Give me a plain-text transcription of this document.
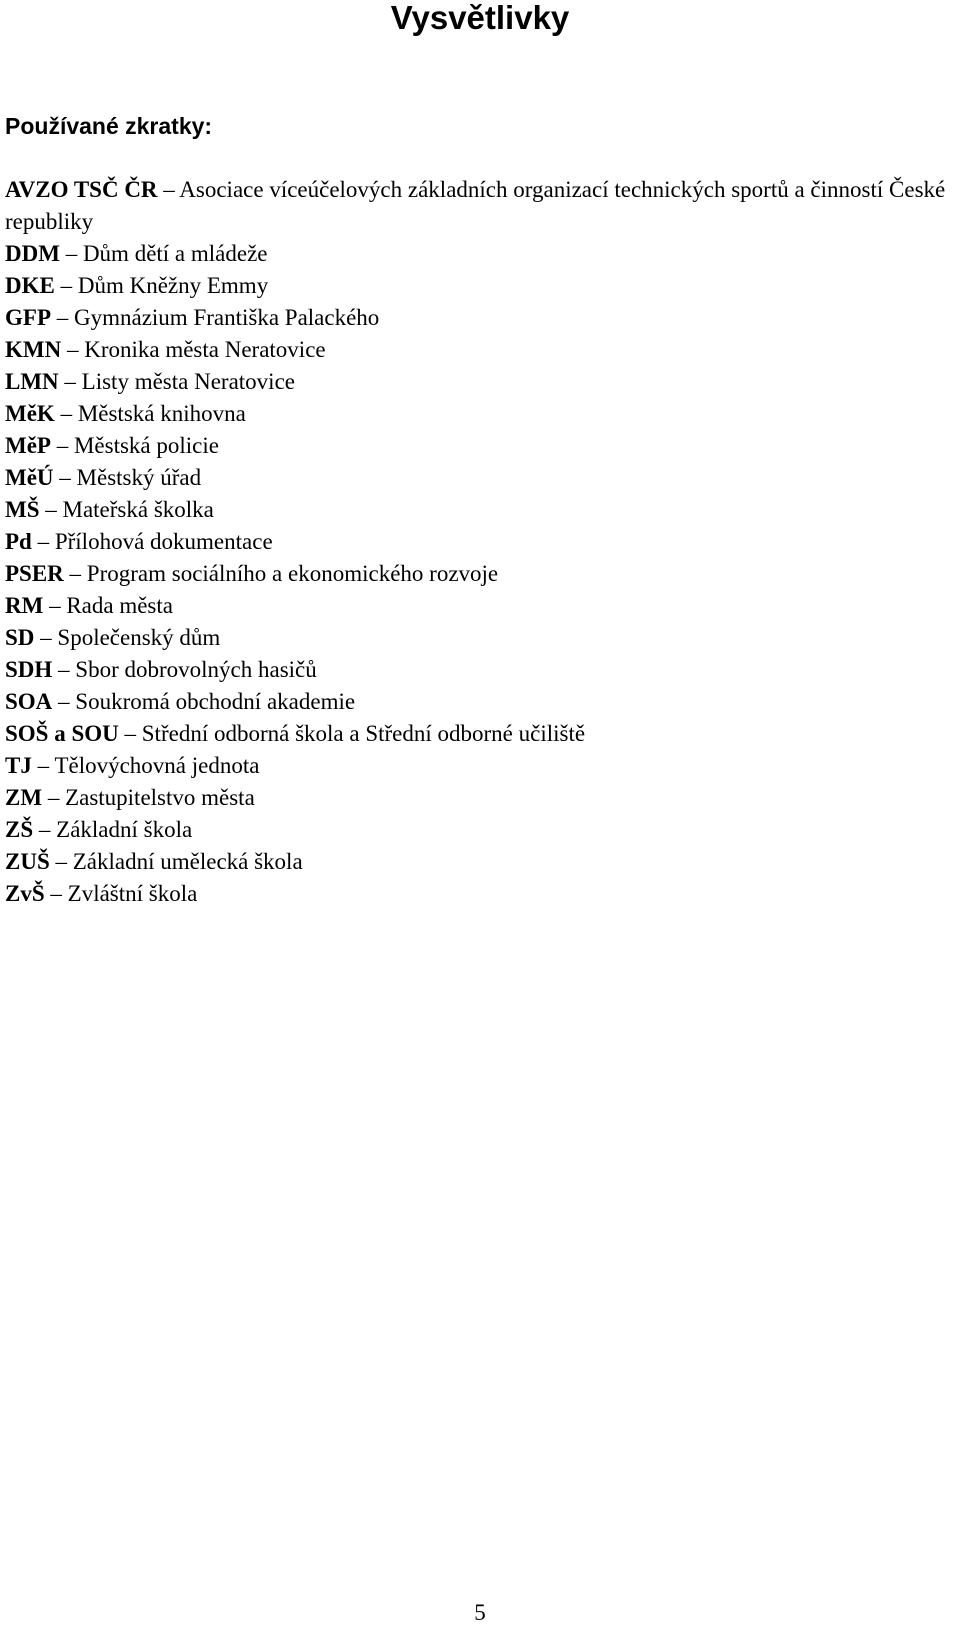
Vysvětlivky
Používané zkratky:
AVZO TSČ ČR – Asociace víceúčelových základních organizací technických sportů a činností České republiky
DDM – Dům dětí a mládeže
DKE – Dům Kněžny Emmy
GFP – Gymnázium Františka Palackého
KMN – Kronika města Neratovice
LMN – Listy města Neratovice
MěK – Městská knihovna
MěP – Městská policie
MěÚ – Městský úřad
MŠ – Mateřská školka
Pd – Přílohová dokumentace
PSER – Program sociálního a ekonomického rozvoje
RM – Rada města
SD – Společenský dům
SDH – Sbor dobrovolných hasičů
SOA – Soukromá obchodní akademie
SOŠ a SOU – Střední odborná škola a Střední odborné učiliště
TJ – Tělovýchovná jednota
ZM – Zastupitelstvo města
ZŠ – Základní škola
ZUŠ – Základní umělecká škola
ZvŠ – Zvláštní škola
5
